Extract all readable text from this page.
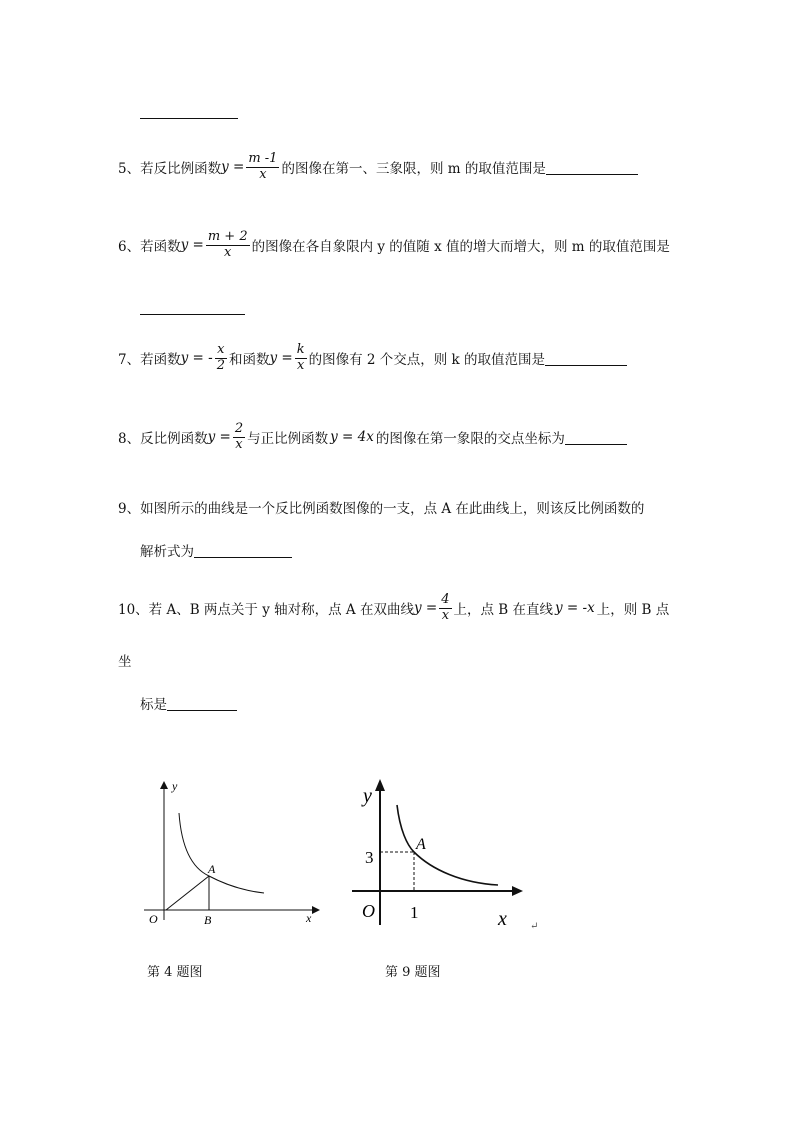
5、若反比例函数 $y = \frac{m -1}{x}$ 的图像在第一、三象限，则 m 的取值范围是
6、若函数 $y = \frac{m + 2}{x}$ 的图像在各自象限内 y 的值随 x 值的增大而增大，则 m 的取值范围是
7、若函数 y = - $\frac{x}{2}$ 和函数 $y = \frac{k}{x}$ 的图像有 2 个交点，则 k 的取值范围是
8、反比例函数 $y = \frac{2}{x}$ 与正比例函数 y = 4x 的图像在第一象限的交点坐标为
9、如图所示的曲线是一个反比例函数图像的一支，点 A 在此曲线上，则该反比例函数的
解析式为
10、若 A、B 两点关于 y 轴对称，点 A 在双曲线 $y = \frac{4}{x}$ 上，点 B 在直线 y = -x 上，则 B 点
坐
标是
y
x
O
A
B
y
x
O
3
1
A
↵
第 4 题图	第 9 题图
